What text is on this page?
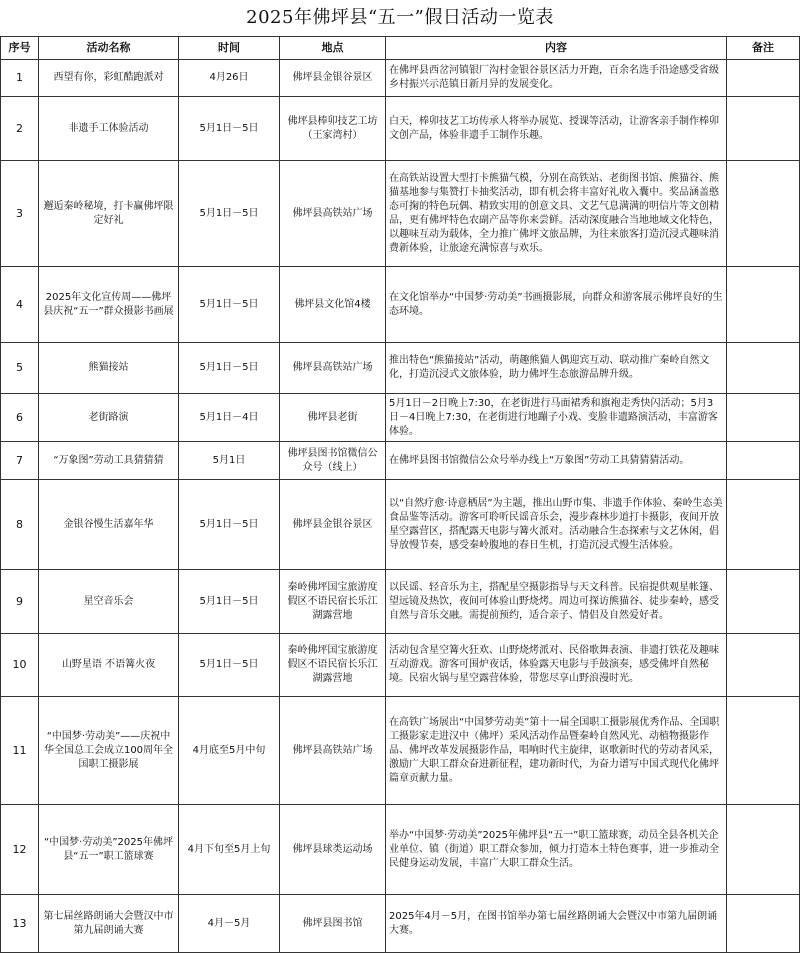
2025年佛坪县“五一”假日活动一览表
序号	活动名称	时间	地点	内容	备注
1	西望有你，彩虹酷跑派对	4月26日	佛坪县金银谷景区	在佛坪县西岔河镇银厂沟村金银谷景区活力开跑，百余名选手沿途感受省级乡村振兴示范镇日新月异的发展变化。	
2	非遗手工体验活动	5月1日－5日	佛坪县棒卯技艺工坊（王家湾村）	白天，棒卯技艺工坊传承人将举办展览、授课等活动，让游客亲手制作棒卯文创产品，体验非遗手工制作乐趣。	
3	邂逅秦岭秘境，打卡赢佛坪限定好礼	5月1日－5日	佛坪县高铁站广场	在高铁站设置大型打卡熊猫气模，分别在高铁站、老街图书馆、熊猫谷、熊猫基地参与集赞打卡抽奖活动，即有机会将丰富好礼收入囊中。奖品涵盖憨态可掬的特色玩偶、精致实用的创意文具、文艺气息满满的明信片等文创精品，更有佛坪特色农副产品等你来尝鲜。活动深度融合当地地域文化特色，以趣味互动为载体，全力推广佛坪文旅品牌，为往来旅客打造沉浸式趣味消费新体验，让旅途充满惊喜与欢乐。	
4	2025年文化宣传周——佛坪县庆祝“五一”群众摄影书画展	5月1日－5日	佛坪县文化馆4楼	在文化馆举办“中国梦·劳动美”书画摄影展，向群众和游客展示佛坪良好的生态环境。	
5	熊猫接站	5月1日－5日	佛坪县高铁站广场	推出特色“熊猫接站”活动，萌趣熊猫人偶迎宾互动、联动推广秦岭自然文化，打造沉浸式文旅体验，助力佛坪生态旅游品牌升级。	
6	老街路演	5月1日－4日	佛坪县老街	5月1日－2日晚上7:30，在老街进行马面裙秀和旗袍走秀快闪活动；5月3日－4日晚上7:30，在老街进行地蹦子小戏、变脸非遗路演活动，丰富游客体验。	
7	“万象图”劳动工具猜猜猜	5月1日	佛坪县图书馆微信公众号（线上）	在佛坪县图书馆微信公众号举办线上“万象图”劳动工具猜猜猜活动。	
8	金银谷慢生活嘉年华	5月1日－5日	佛坪县金银谷景区	以“自然疗愈·诗意栖居”为主题，推出山野市集、非遗手作体验、秦岭生态美食品鉴等活动。游客可聆听民谣音乐会，漫步森林步道打卡摄影，夜间开放星空露营区，搭配露天电影与篝火派对。活动融合生态探索与文艺休闲，倡导放慢节奏，感受秦岭腹地的春日生机，打造沉浸式慢生活体验。	
9	星空音乐会	5月1日－5日	秦岭佛坪国宝旅游度假区不语民宿长乐江湖露营地	以民谣、轻音乐为主，搭配星空摄影指导与天文科普。民宿提供观星帐篷、望远镜及热饮，夜间可体验山野烧烤。周边可探访熊猫谷、徒步秦岭，感受自然与音乐交融。需提前预约，适合亲子、情侣及自然爱好者。	
10	山野星语 不语篝火夜	5月1日－5日	秦岭佛坪国宝旅游度假区不语民宿长乐江湖露营地	活动包含星空篝火狂欢、山野烧烤派对、民俗歌舞表演、非遗打铁花及趣味互动游戏。游客可围炉夜话，体验露天电影与手鼓演奏，感受佛坪自然秘境。民宿火锅与星空露营体验，带您尽享山野浪漫时光。	
11	“中国梦·劳动美”——庆祝中华全国总工会成立100周年全国职工摄影展	4月底至5月中旬	佛坪县高铁站广场	在高铁广场展出“中国梦劳动美”第十一届全国职工摄影展优秀作品、全国职工摄影家走进汉中（佛坪）采风活动作品暨秦岭自然风光、动植物摄影作品、佛坪改革发展摄影作品，唱响时代主旋律，讴歌新时代的劳动者风采，激励广大职工群众奋进新征程，建功新时代，为奋力谱写中国式现代化佛坪篇章贡献力量。	
12	“中国梦·劳动美”2025年佛坪县“五一”职工篮球赛	4月下旬至5月上旬	佛坪县球类运动场	举办“中国梦·劳动美”2025年佛坪县“五一”职工篮球赛，动员全县各机关企业单位、镇（街道）职工群众参加，倾力打造本土特色赛事，进一步推动全民健身运动发展，丰富广大职工群众生活。	
13	第七届丝路朗诵大会暨汉中市第九届朗诵大赛	4月－5月	佛坪县图书馆	2025年4月－5月，在图书馆举办第七届丝路朗诵大会暨汉中市第九届朗诵大赛。	
